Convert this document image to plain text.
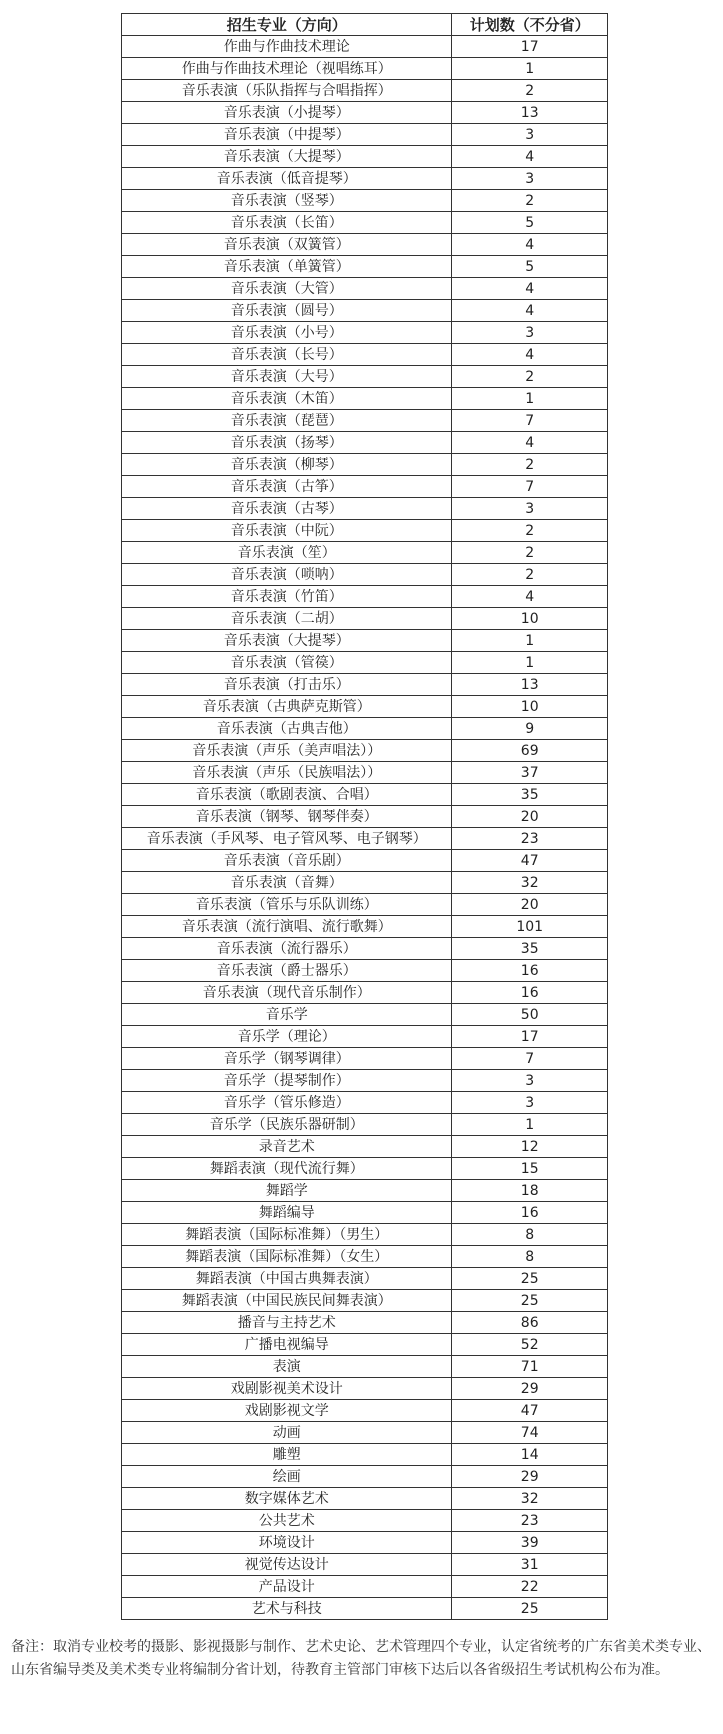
招生专业（方向）	计划数（不分省）
作曲与作曲技术理论	17
作曲与作曲技术理论（视唱练耳）	1
音乐表演（乐队指挥与合唱指挥）	2
音乐表演（小提琴）	13
音乐表演（中提琴）	3
音乐表演（大提琴）	4
音乐表演（低音提琴）	3
音乐表演（竖琴）	2
音乐表演（长笛）	5
音乐表演（双簧管）	4
音乐表演（单簧管）	5
音乐表演（大管）	4
音乐表演（圆号）	4
音乐表演（小号）	3
音乐表演（长号）	4
音乐表演（大号）	2
音乐表演（木笛）	1
音乐表演（琵琶）	7
音乐表演（扬琴）	4
音乐表演（柳琴）	2
音乐表演（古筝）	7
音乐表演（古琴）	3
音乐表演（中阮）	2
音乐表演（笙）	2
音乐表演（唢呐）	2
音乐表演（竹笛）	4
音乐表演（二胡）	10
音乐表演（大提琴）	1
音乐表演（管篌）	1
音乐表演（打击乐）	13
音乐表演（古典萨克斯管）	10
音乐表演（古典吉他）	9
音乐表演（声乐（美声唱法））	69
音乐表演（声乐（民族唱法））	37
音乐表演（歌剧表演、合唱）	35
音乐表演（钢琴、钢琴伴奏）	20
音乐表演（手风琴、电子管风琴、电子钢琴）	23
音乐表演（音乐剧）	47
音乐表演（音舞）	32
音乐表演（管乐与乐队训练）	20
音乐表演（流行演唱、流行歌舞）	101
音乐表演（流行器乐）	35
音乐表演（爵士器乐）	16
音乐表演（现代音乐制作）	16
音乐学	50
音乐学（理论）	17
音乐学（钢琴调律）	7
音乐学（提琴制作）	3
音乐学（管乐修造）	3
音乐学（民族乐器研制）	1
录音艺术	12
舞蹈表演（现代流行舞）	15
舞蹈学	18
舞蹈编导	16
舞蹈表演（国际标准舞）（男生）	8
舞蹈表演（国际标准舞）（女生）	8
舞蹈表演（中国古典舞表演）	25
舞蹈表演（中国民族民间舞表演）	25
播音与主持艺术	86
广播电视编导	52
表演	71
戏剧影视美术设计	29
戏剧影视文学	47
动画	74
雕塑	14
绘画	29
数字媒体艺术	32
公共艺术	23
环境设计	39
视觉传达设计	31
产品设计	22
艺术与科技	25
备注：取消专业校考的摄影、影视摄影与制作、艺术史论、艺术管理四个专业，认定省统考的广东省美术类专业、山东省编导类及美术类专业将编制分省计划，待教育主管部门审核下达后以各省级招生考试机构公布为准。
